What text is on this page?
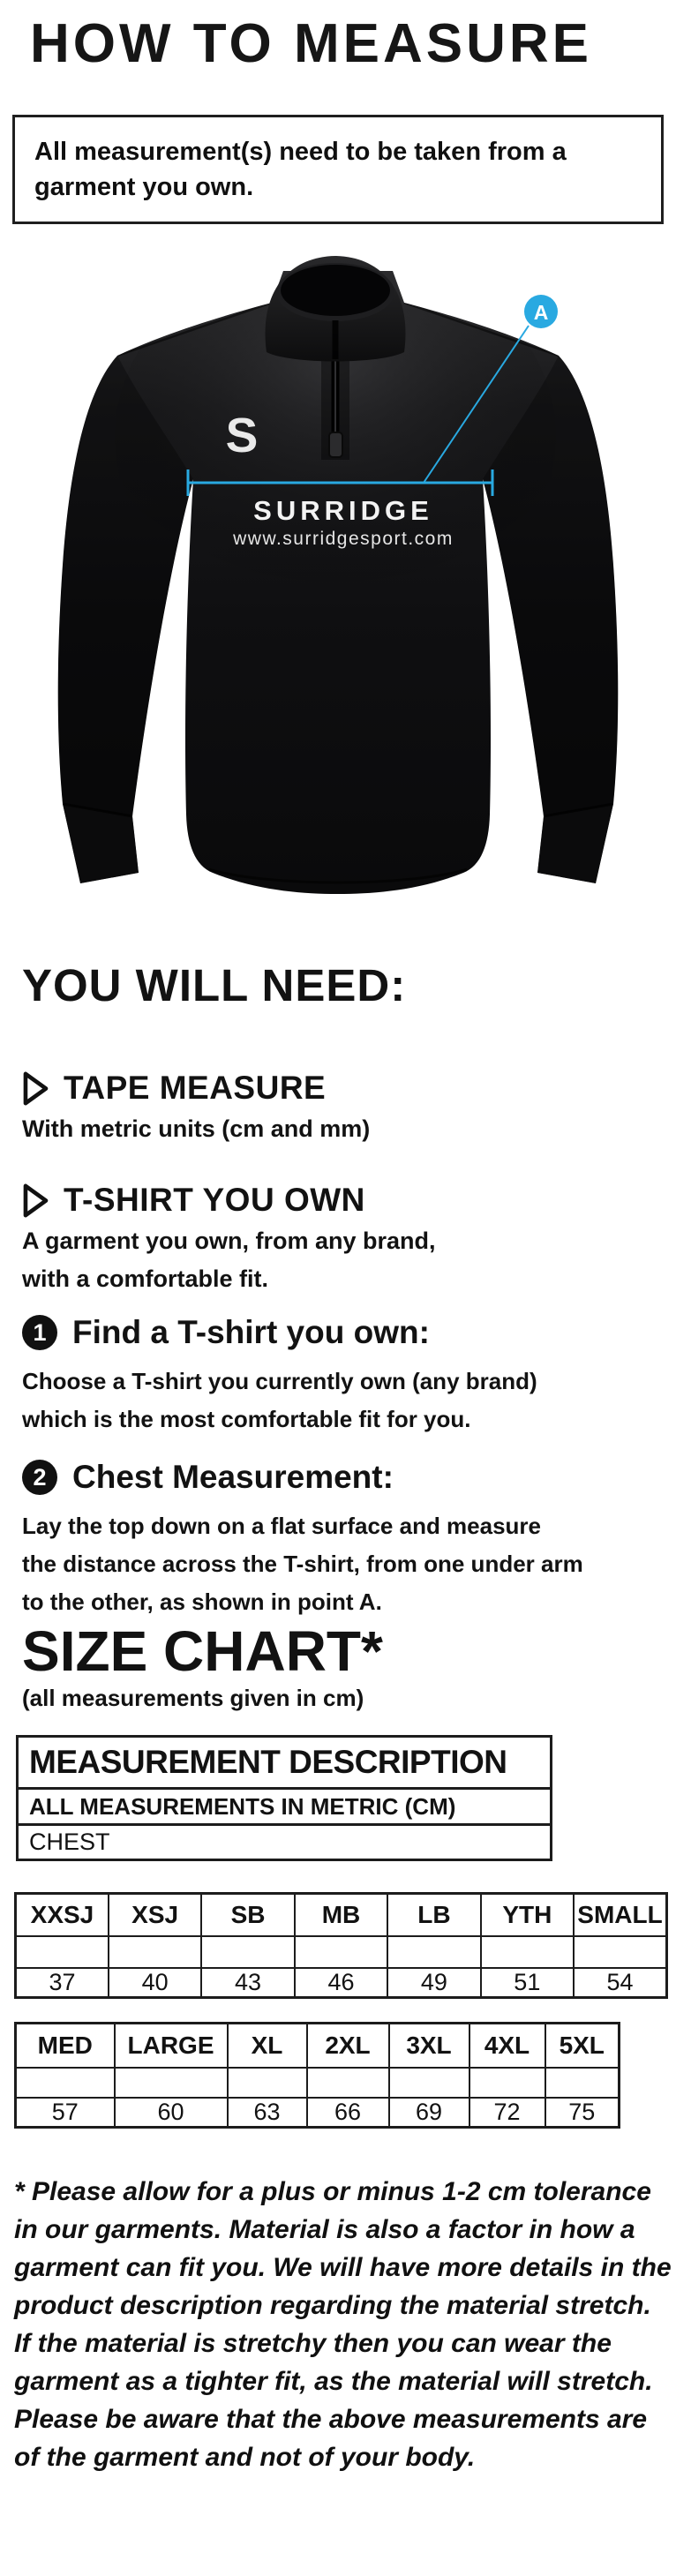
HOW TO MEASURE
All measurement(s) need to be taken from a garment you own.
S
SURRIDGE
www.surridgesport.com
A
YOU WILL NEED:
TAPE MEASURE
With metric units (cm and mm)
T-SHIRT YOU OWN
A garment you own, from any brand,
with a comfortable fit.
1 Find a T-shirt you own:
Choose a T-shirt you currently own (any brand)
which is the most comfortable fit for you.
2 Chest Measurement:
Lay the top down on a flat surface and measure
the distance across the T-shirt, from one under arm
to the other, as shown in point A.
SIZE CHART*
(all measurements given in cm)
MEASUREMENT DESCRIPTION
ALL MEASUREMENTS IN METRIC (CM)
CHEST
XXSJ	XSJ	SB	MB	LB	YTH	SMALL

37	40	43	46	49	51	54
MED	LARGE	XL	2XL	3XL	4XL	5XL

57	60	63	66	69	72	75

* Please allow for a plus or minus 1-2 cm tolerance in our garments. Material is also a factor in how a garment can fit you. We will have more details in the product description regarding the material stretch. If the material is stretchy then you can wear the garment as a tighter fit, as the material will stretch. Please be aware that the above measurements are of the garment and not of your body.
